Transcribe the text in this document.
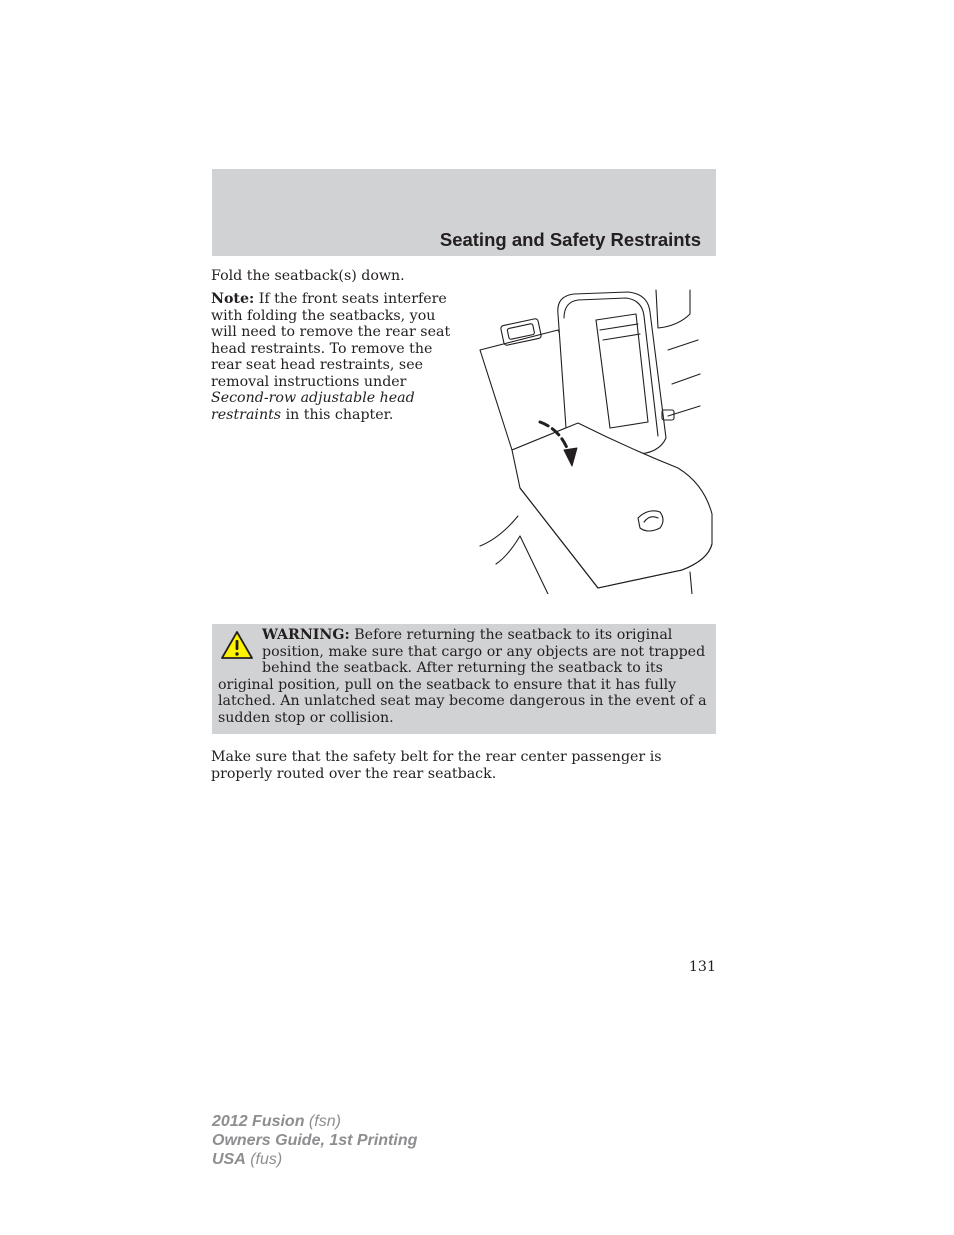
Seating and Safety Restraints

Fold the seatback(s) down.

Note: If the front seats interfere with folding the seatbacks, you will need to remove the rear seat head restraints. To remove the rear seat head restraints, see removal instructions under Second-row adjustable head restraints in this chapter.

WARNING: Before returning the seatback to its original position, make sure that cargo or any objects are not trapped behind the seatback. After returning the seatback to its original position, pull on the seatback to ensure that it has fully latched. An unlatched seat may become dangerous in the event of a sudden stop or collision.

Make sure that the safety belt for the rear center passenger is properly routed over the rear seatback.

131

2012 Fusion (fsn)
Owners Guide, 1st Printing
USA (fus)
